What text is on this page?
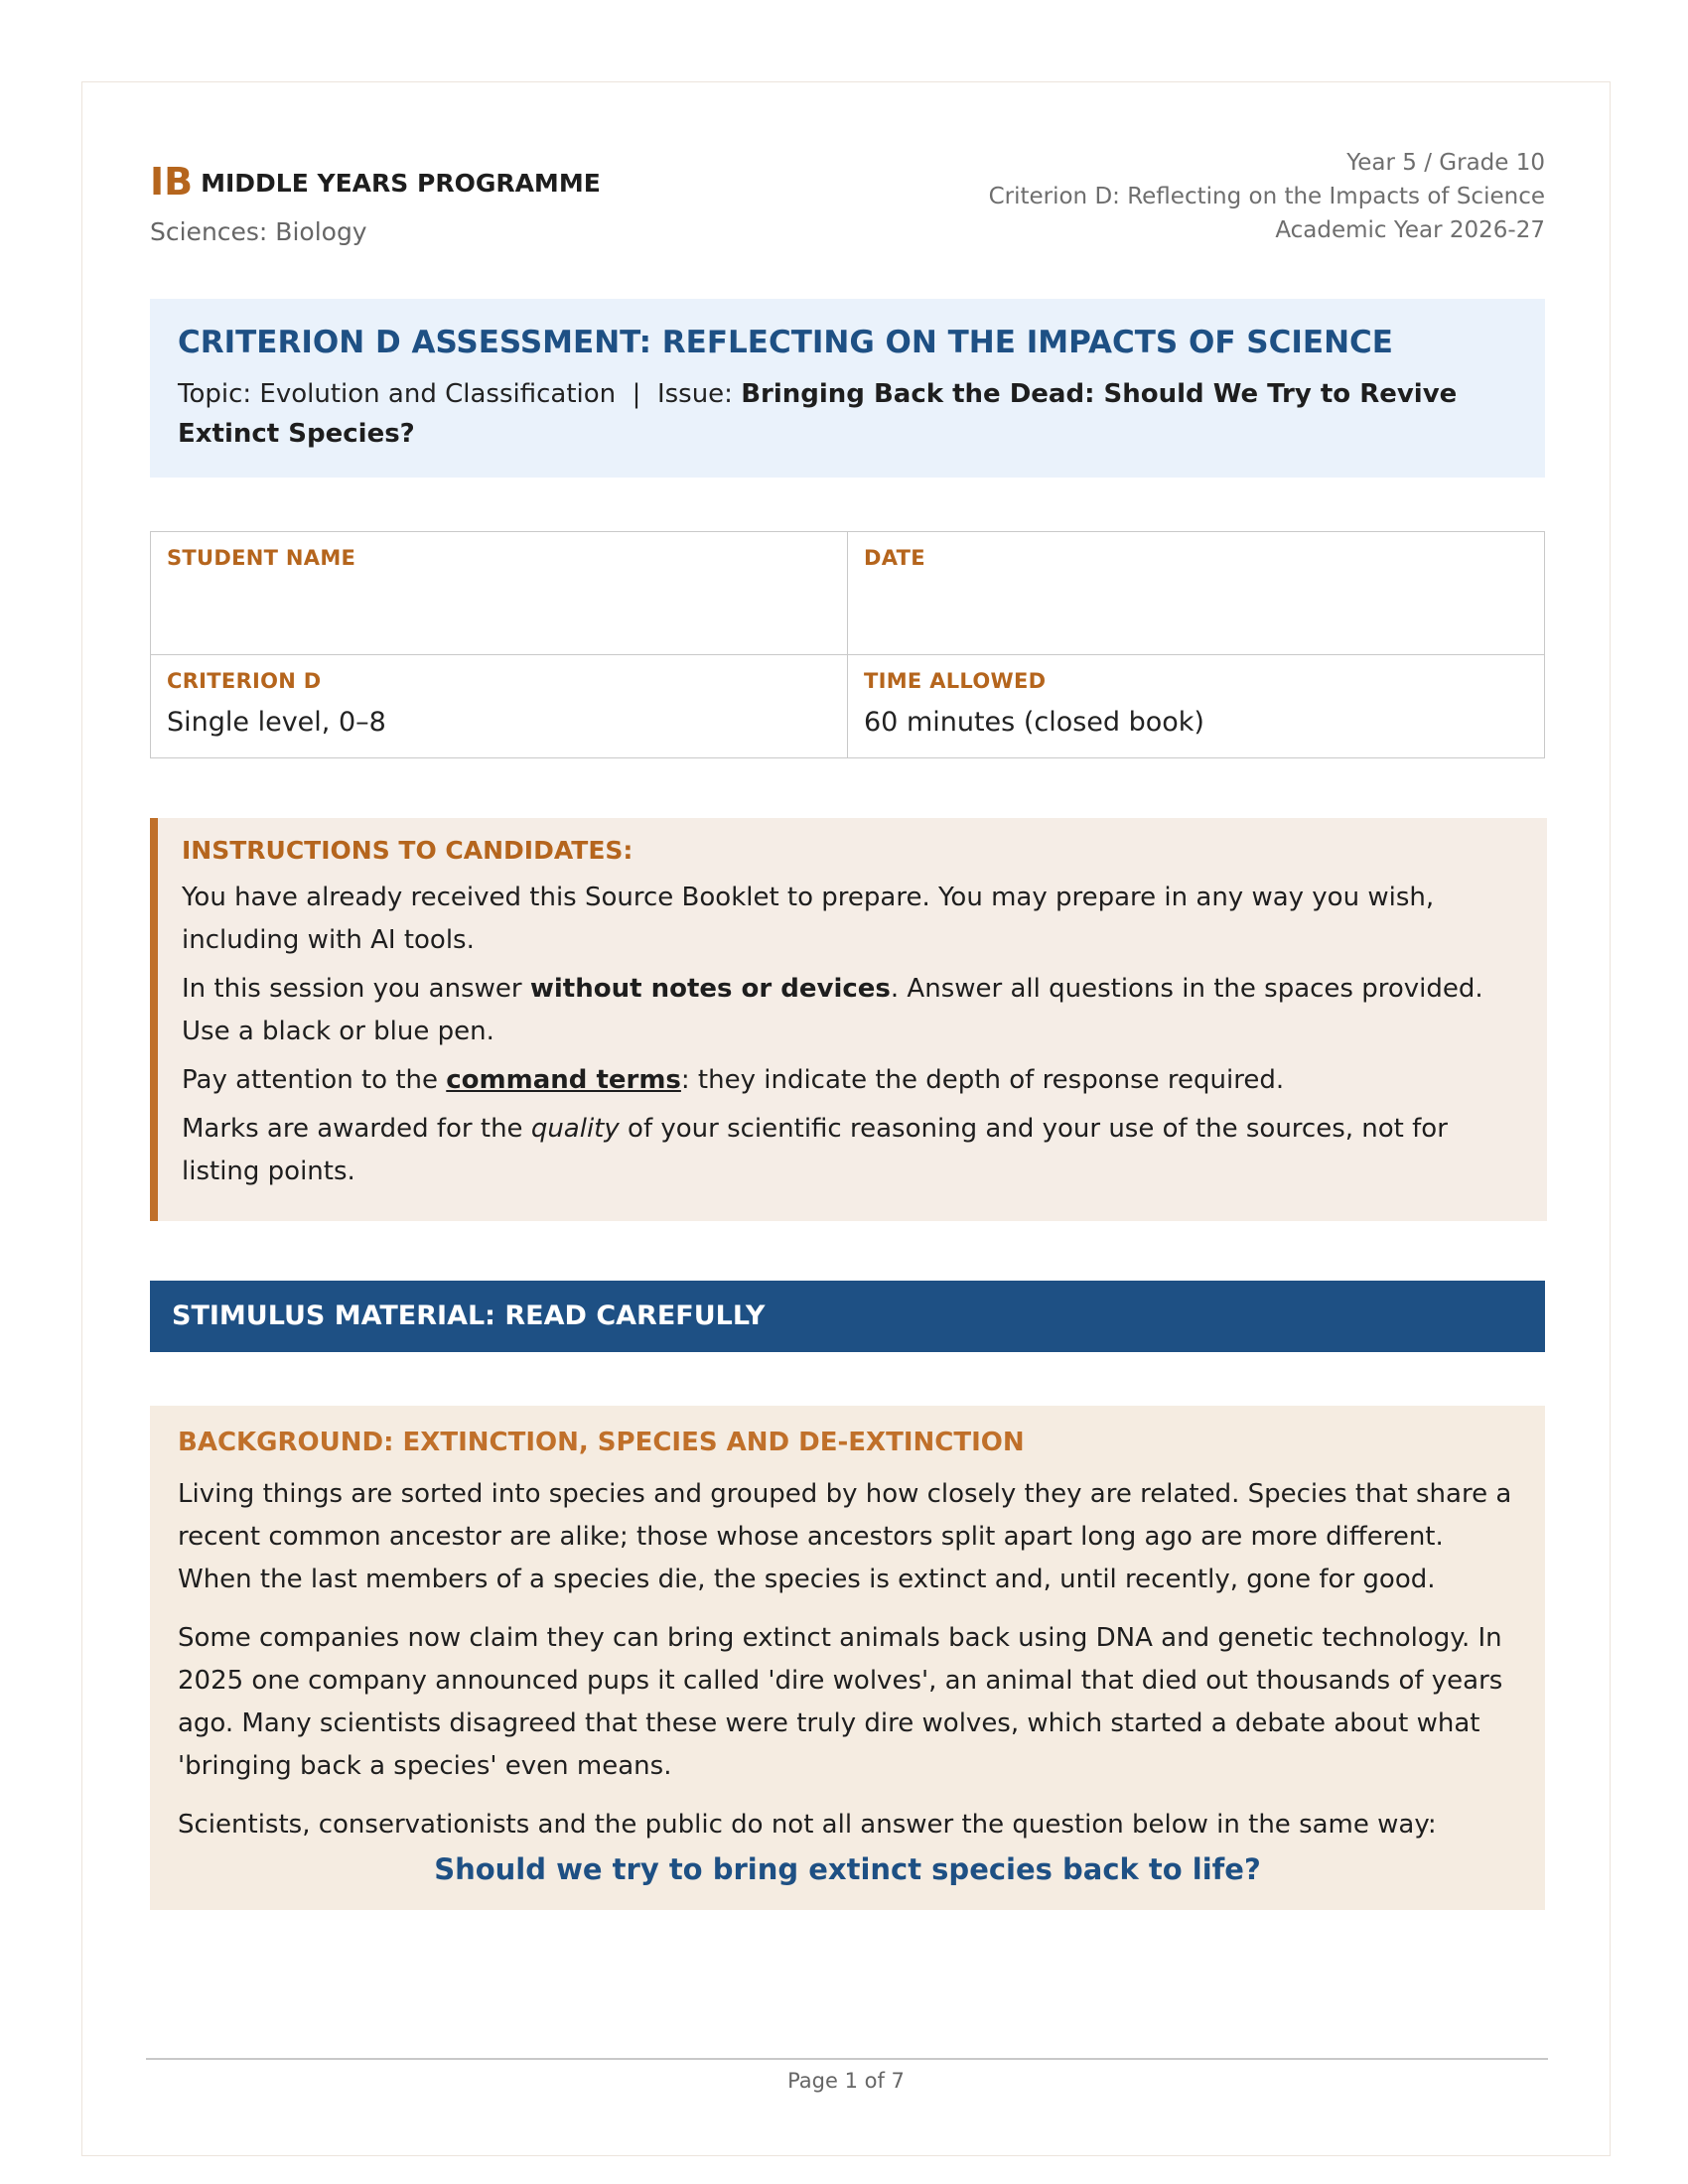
IB MIDDLE YEARS PROGRAMME
Sciences: Biology
Year 5 / Grade 10
Criterion D: Reflecting on the Impacts of Science
Academic Year 2026-27
CRITERION D ASSESSMENT: REFLECTING ON THE IMPACTS OF SCIENCE
Topic: Evolution and Classification  |  Issue: Bringing Back the Dead: Should We Try to Revive Extinct Species?
STUDENT NAME	DATE
CRITERION D
Single level, 0–8
TIME ALLOWED
60 minutes (closed book)
INSTRUCTIONS TO CANDIDATES:

You have already received this Source Booklet to prepare. You may prepare in any way you wish, including with AI tools.

In this session you answer without notes or devices. Answer all questions in the spaces provided. Use a black or blue pen.

Pay attention to the command terms: they indicate the depth of response required.

Marks are awarded for the quality of your scientific reasoning and your use of the sources, not for listing points.

STIMULUS MATERIAL: READ CAREFULLY
BACKGROUND: EXTINCTION, SPECIES AND DE-EXTINCTION

Living things are sorted into species and grouped by how closely they are related. Species that share a recent common ancestor are alike; those whose ancestors split apart long ago are more different. When the last members of a species die, the species is extinct and, until recently, gone for good.

Some companies now claim they can bring extinct animals back using DNA and genetic technology. In 2025 one company announced pups it called 'dire wolves', an animal that died out thousands of years ago. Many scientists disagreed that these were truly dire wolves, which started a debate about what 'bringing back a species' even means.

Scientists, conservationists and the public do not all answer the question below in the same way:

Should we try to bring extinct species back to life?
Page 1 of 7
